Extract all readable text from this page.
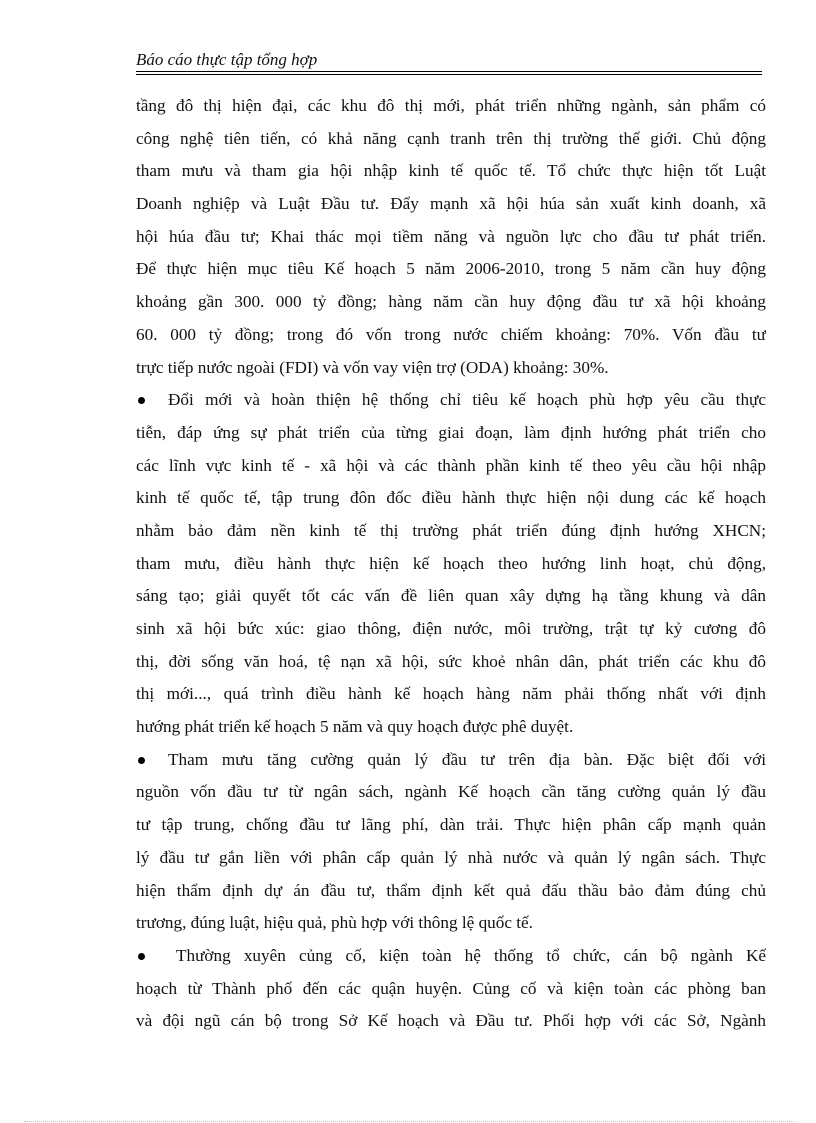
Báo cáo thực tập tổng hợp
tầng đô thị hiện đại, các khu đô thị mới, phát triển những ngành, sản phẩm có
công nghệ tiên tiến, có khả năng cạnh tranh trên thị trường thế giới. Chủ động
tham mưu và tham gia hội nhập kinh tế quốc tế. Tổ chức thực hiện tốt Luật
Doanh nghiệp và Luật Đầu tư. Đẩy mạnh xã hội húa sản xuất kinh doanh, xã
hội húa đầu tư; Khai thác mọi tiềm năng và nguồn lực cho đầu tư phát triển.
Để thực hiện mục tiêu Kế hoạch 5 năm 2006-2010, trong 5 năm cần huy động
khoảng gần 300. 000 tỷ đồng; hàng năm cần huy động đầu tư xã hội khoảng
60. 000 tỷ đồng; trong đó vốn trong nước chiếm khoảng: 70%. Vốn đầu tư
trực tiếp nước ngoài (FDI) và vốn vay viện trợ (ODA) khoảng: 30%.
Đổi mới và hoàn thiện hệ thống chỉ tiêu kế hoạch phù hợp yêu cầu thực
tiễn, đáp ứng sự phát triển của từng giai đoạn, làm định hướng phát triển cho
các lĩnh vực kinh tế - xã hội và các thành phần kinh tế theo yêu cầu hội nhập
kinh tế quốc tế, tập trung đôn đốc điều hành thực hiện nội dung các kế hoạch
nhằm bảo đảm nền kinh tế thị trường phát triển đúng định hướng XHCN;
tham mưu, điều hành thực hiện kế hoạch theo hướng linh hoạt, chủ động,
sáng tạo; giải quyết tốt các vấn đề liên quan xây dựng hạ tầng khung và dân
sinh xã hội bức xúc: giao thông, điện nước, môi trường, trật tự kỷ cương đô
thị, đời sống văn hoá, tệ nạn xã hội, sức khoẻ nhân dân, phát triển các khu đô
thị mới..., quá trình điều hành kế hoạch hàng năm phải thống nhất với định
hướng phát triển kế hoạch 5 năm và quy hoạch được phê duyệt.
Tham mưu tăng cường quản lý đầu tư trên địa bàn. Đặc biệt đối với
nguồn vốn đầu tư từ ngân sách, ngành Kế hoạch cần tăng cường quản lý đầu
tư tập trung, chống đầu tư lãng phí, dàn trải. Thực hiện phân cấp mạnh quản
lý đầu tư gắn liền với phân cấp quản lý nhà nước và quản lý ngân sách. Thực
hiện thẩm định dự án đầu tư, thẩm định kết quả đấu thầu bảo đảm đúng chủ
trương, đúng luật, hiệu quả, phù hợp với thông lệ quốc tế.
Thường xuyên củng cố, kiện toàn hệ thống tổ chức, cán bộ ngành Kế
hoạch từ Thành phố đến các quận huyện. Củng cố và kiện toàn các phòng ban
và đội ngũ cán bộ trong Sở Kế hoạch và Đầu tư. Phối hợp với các Sở, Ngành
